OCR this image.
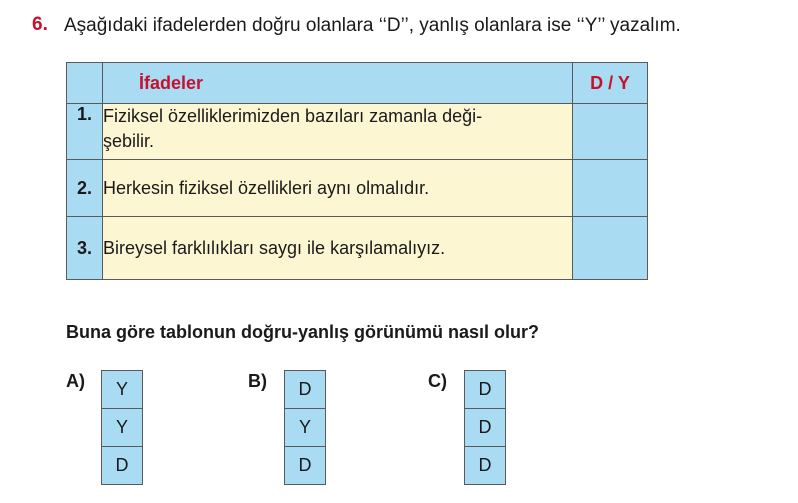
6. Aşağıdaki ifadelerden doğru olanlara ‘‘D’’, yanlış olanlara ise ‘‘Y’’ yazalım.
	İfadeler	D / Y
1.	Fiziksel özelliklerimizden bazıları zamanla deği-
şebilir.	
2.	Herkesin fiziksel özellikleri aynı olmalıdır.	
3.	Bireysel farklılıkları saygı ile karşılamalıyız.	
Buna göre tablonun doğru-yanlış görünümü nasıl olur?
A) Y
Y
D
B) D
Y
D
C) D
D
D
